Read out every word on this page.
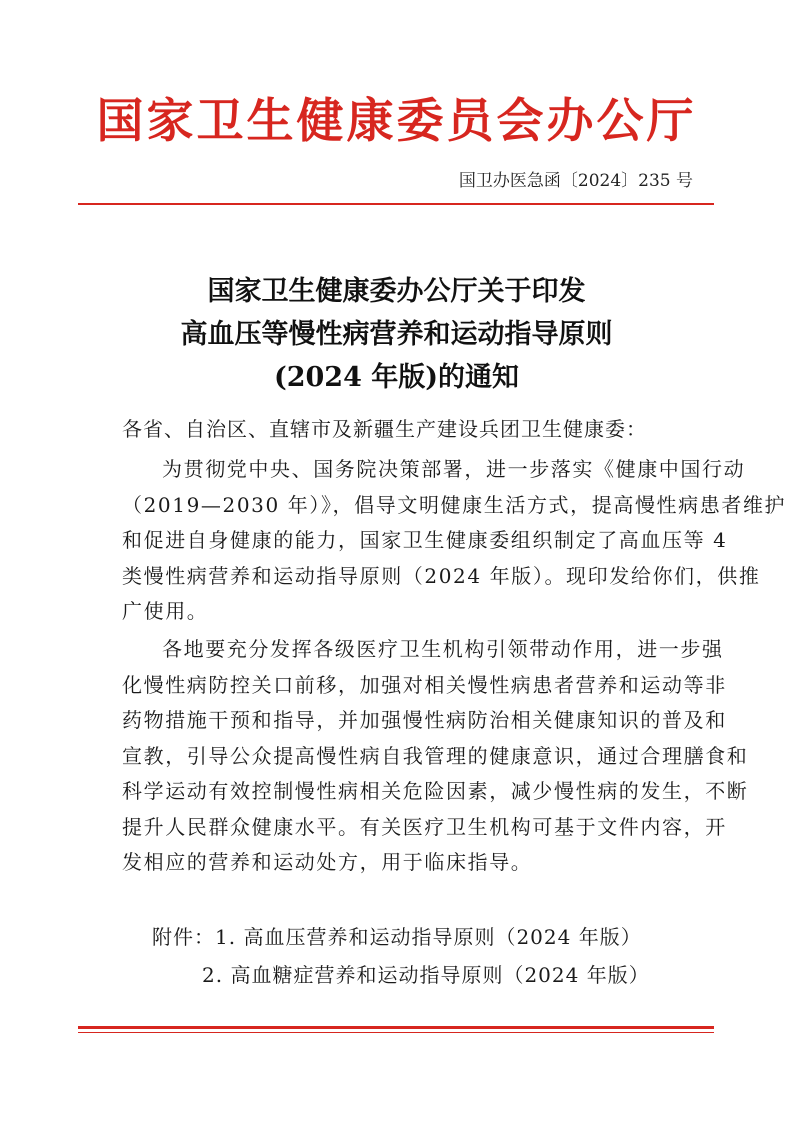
国家卫生健康委员会办公厅
国卫办医急函〔2024〕235 号
国家卫生健康委办公厅关于印发
高血压等慢性病营养和运动指导原则
(2024 年版)的通知
各省、自治区、直辖市及新疆生产建设兵团卫生健康委：
为贯彻党中央、国务院决策部署，进一步落实《健康中国行动
（2019—2030 年）》，倡导文明健康生活方式，提高慢性病患者维护
和促进自身健康的能力，国家卫生健康委组织制定了高血压等 4
类慢性病营养和运动指导原则（2024 年版）。现印发给你们，供推
广使用。
各地要充分发挥各级医疗卫生机构引领带动作用，进一步强
化慢性病防控关口前移，加强对相关慢性病患者营养和运动等非
药物措施干预和指导，并加强慢性病防治相关健康知识的普及和
宣教，引导公众提高慢性病自我管理的健康意识，通过合理膳食和
科学运动有效控制慢性病相关危险因素，减少慢性病的发生，不断
提升人民群众健康水平。有关医疗卫生机构可基于文件内容，开
发相应的营养和运动处方，用于临床指导。
附件：1. 高血压营养和运动指导原则（2024 年版）
2. 高血糖症营养和运动指导原则（2024 年版）
